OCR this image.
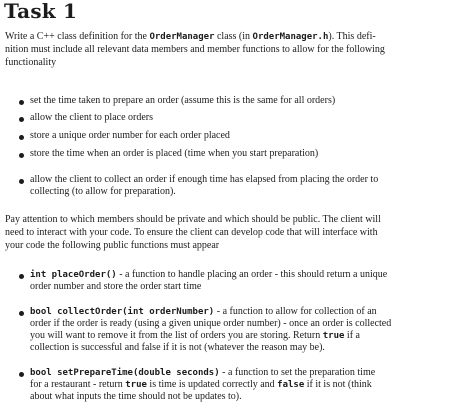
Task 1
Write a C++ class definition for the OrderManager class (in OrderManager.h). This defi-
nition must include all relevant data members and member functions to allow for the following
functionality
set the time taken to prepare an order (assume this is the same for all orders)
allow the client to place orders
store a unique order number for each order placed
store the time when an order is placed (time when you start preparation)
allow the client to collect an order if enough time has elapsed from placing the order to
collecting (to allow for preparation).
Pay attention to which members should be private and which should be public. The client will
need to interact with your code. To ensure the client can develop code that will interface with
your code the following public functions must appear
int placeOrder() - a function to handle placing an order - this should return a unique
order number and store the order start time
bool collectOrder(int orderNumber) - a function to allow for collection of an
order if the order is ready (using a given unique order number) - once an order is collected
you will want to remove it from the list of orders you are storing. Return true if a
collection is successful and false if it is not (whatever the reason may be).
bool setPrepareTime(double seconds) - a function to set the preparation time
for a restaurant - return true is time is updated correctly and false if it is not (think
about what inputs the time should not be updates to).
